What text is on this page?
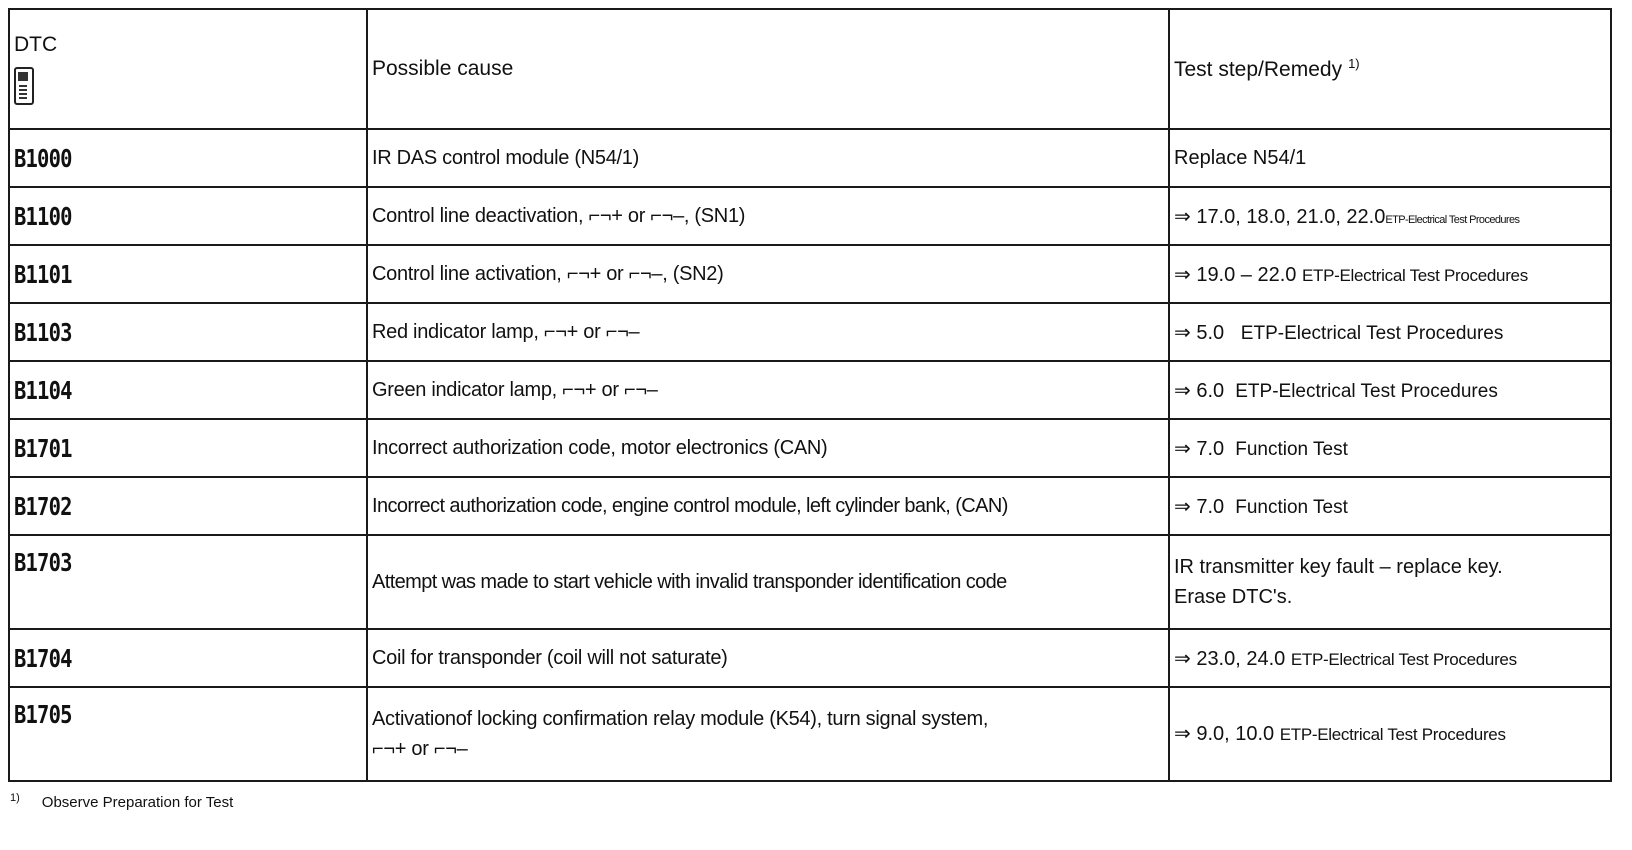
DTC	Possible cause	Test step/Remedy $^{1)}$
B1000	IR DAS control module (N54/1)	Replace N54/1
B1100	Control line deactivation, ⌐¬+ or ⌐¬–, (SN1)	⇒ 17.0, 18.0, 21.0, 22.0ETP-Electrical Test Procedures
B1101	Control line activation, ⌐¬+ or ⌐¬–, (SN2)	⇒ 19.0 – 22.0 ETP-Electrical Test Procedures
B1103	Red indicator lamp, ⌐¬+ or ⌐¬–	⇒ 5.0 ETP-Electrical Test Procedures
B1104	Green indicator lamp, ⌐¬+ or ⌐¬–	⇒ 6.0 ETP-Electrical Test Procedures
B1701	Incorrect authorization code, motor electronics (CAN)	⇒ 7.0 Function Test
B1702	Incorrect authorization code, engine control module, left cylinder bank, (CAN)	⇒ 7.0 Function Test
B1703	Attempt was made to start vehicle with invalid transponder identification code	IR transmitter key fault – replace key.
Erase DTC's.

B1704	Coil for transponder (coil will not saturate)	⇒ 23.0, 24.0 ETP-Electrical Test Procedures
B1705	Activationof locking confirmation relay module (K54), turn signal system,
⌐¬+ or ⌐¬–	⇒ 9.0, 10.0 ETP-Electrical Test Procedures
$^{1)}$ Observe Preparation for Test
